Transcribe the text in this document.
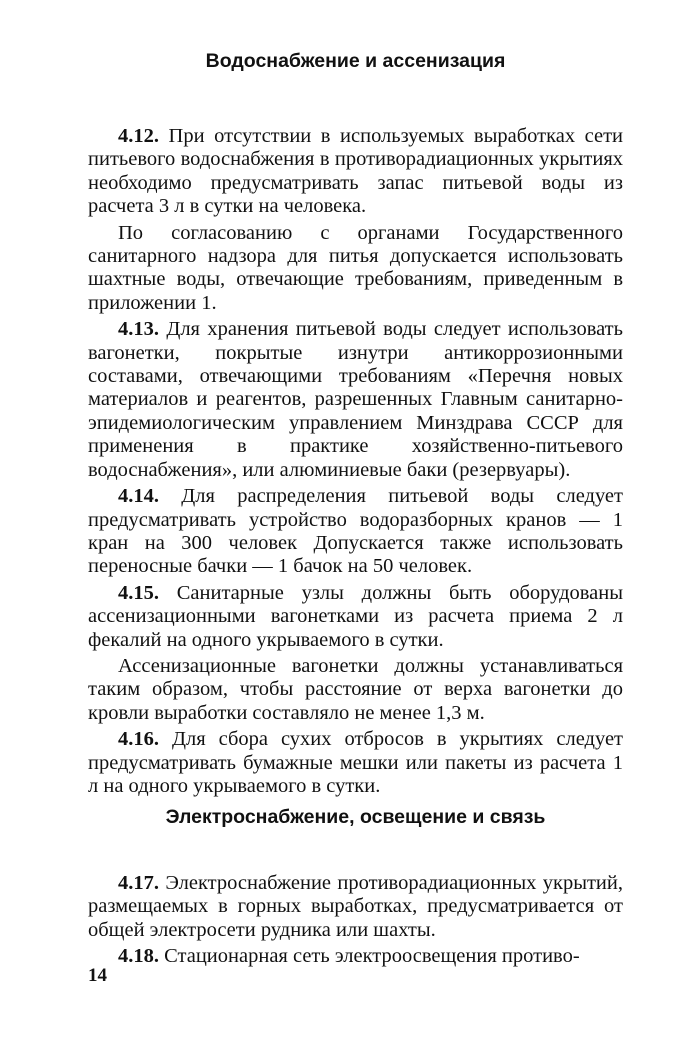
Водоснабжение и ассенизация

4.12. При отсутствии в используемых выработках сети питьевого водоснабжения в противорадиационных укрытиях необходимо предусматривать запас питьевой воды из расчета 3 л в сутки на человека.

По согласованию с органами Государственного санитарного надзора для питья допускается использовать шахтные воды, отвечающие требованиям, приведенным в приложении 1.

4.13. Для хранения питьевой воды следует использовать вагонетки, покрытые изнутри антикоррозионными составами, отвечающими требованиям «Перечня новых материалов и реагентов, разрешенных Главным санитарно-эпидемиологическим управлением Минздрава СССР для применения в практике хозяйственно-питьевого водоснабжения», или алюминиевые баки (резервуары).

4.14. Для распределения питьевой воды следует предусматривать устройство водоразборных кранов — 1 кран на 300 человек Допускается также использовать переносные бачки — 1 бачок на 50 человек.

4.15. Санитарные узлы должны быть оборудованы ассенизационными вагонетками из расчета приема 2 л фекалий на одного укрываемого в сутки.

Ассенизационные вагонетки должны устанавливаться таким образом, чтобы расстояние от верха вагонетки до кровли выработки составляло не менее 1,3 м.

4.16. Для сбора сухих отбросов в укрытиях следует предусматривать бумажные мешки или пакеты из расчета 1 л на одного укрываемого в сутки.

Электроснабжение, освещение и связь

4.17. Электроснабжение противорадиационных укрытий, размещаемых в горных выработках, предусматривается от общей электросети рудника или шахты.

4.18. Стационарная сеть электроосвещения противо-

14
